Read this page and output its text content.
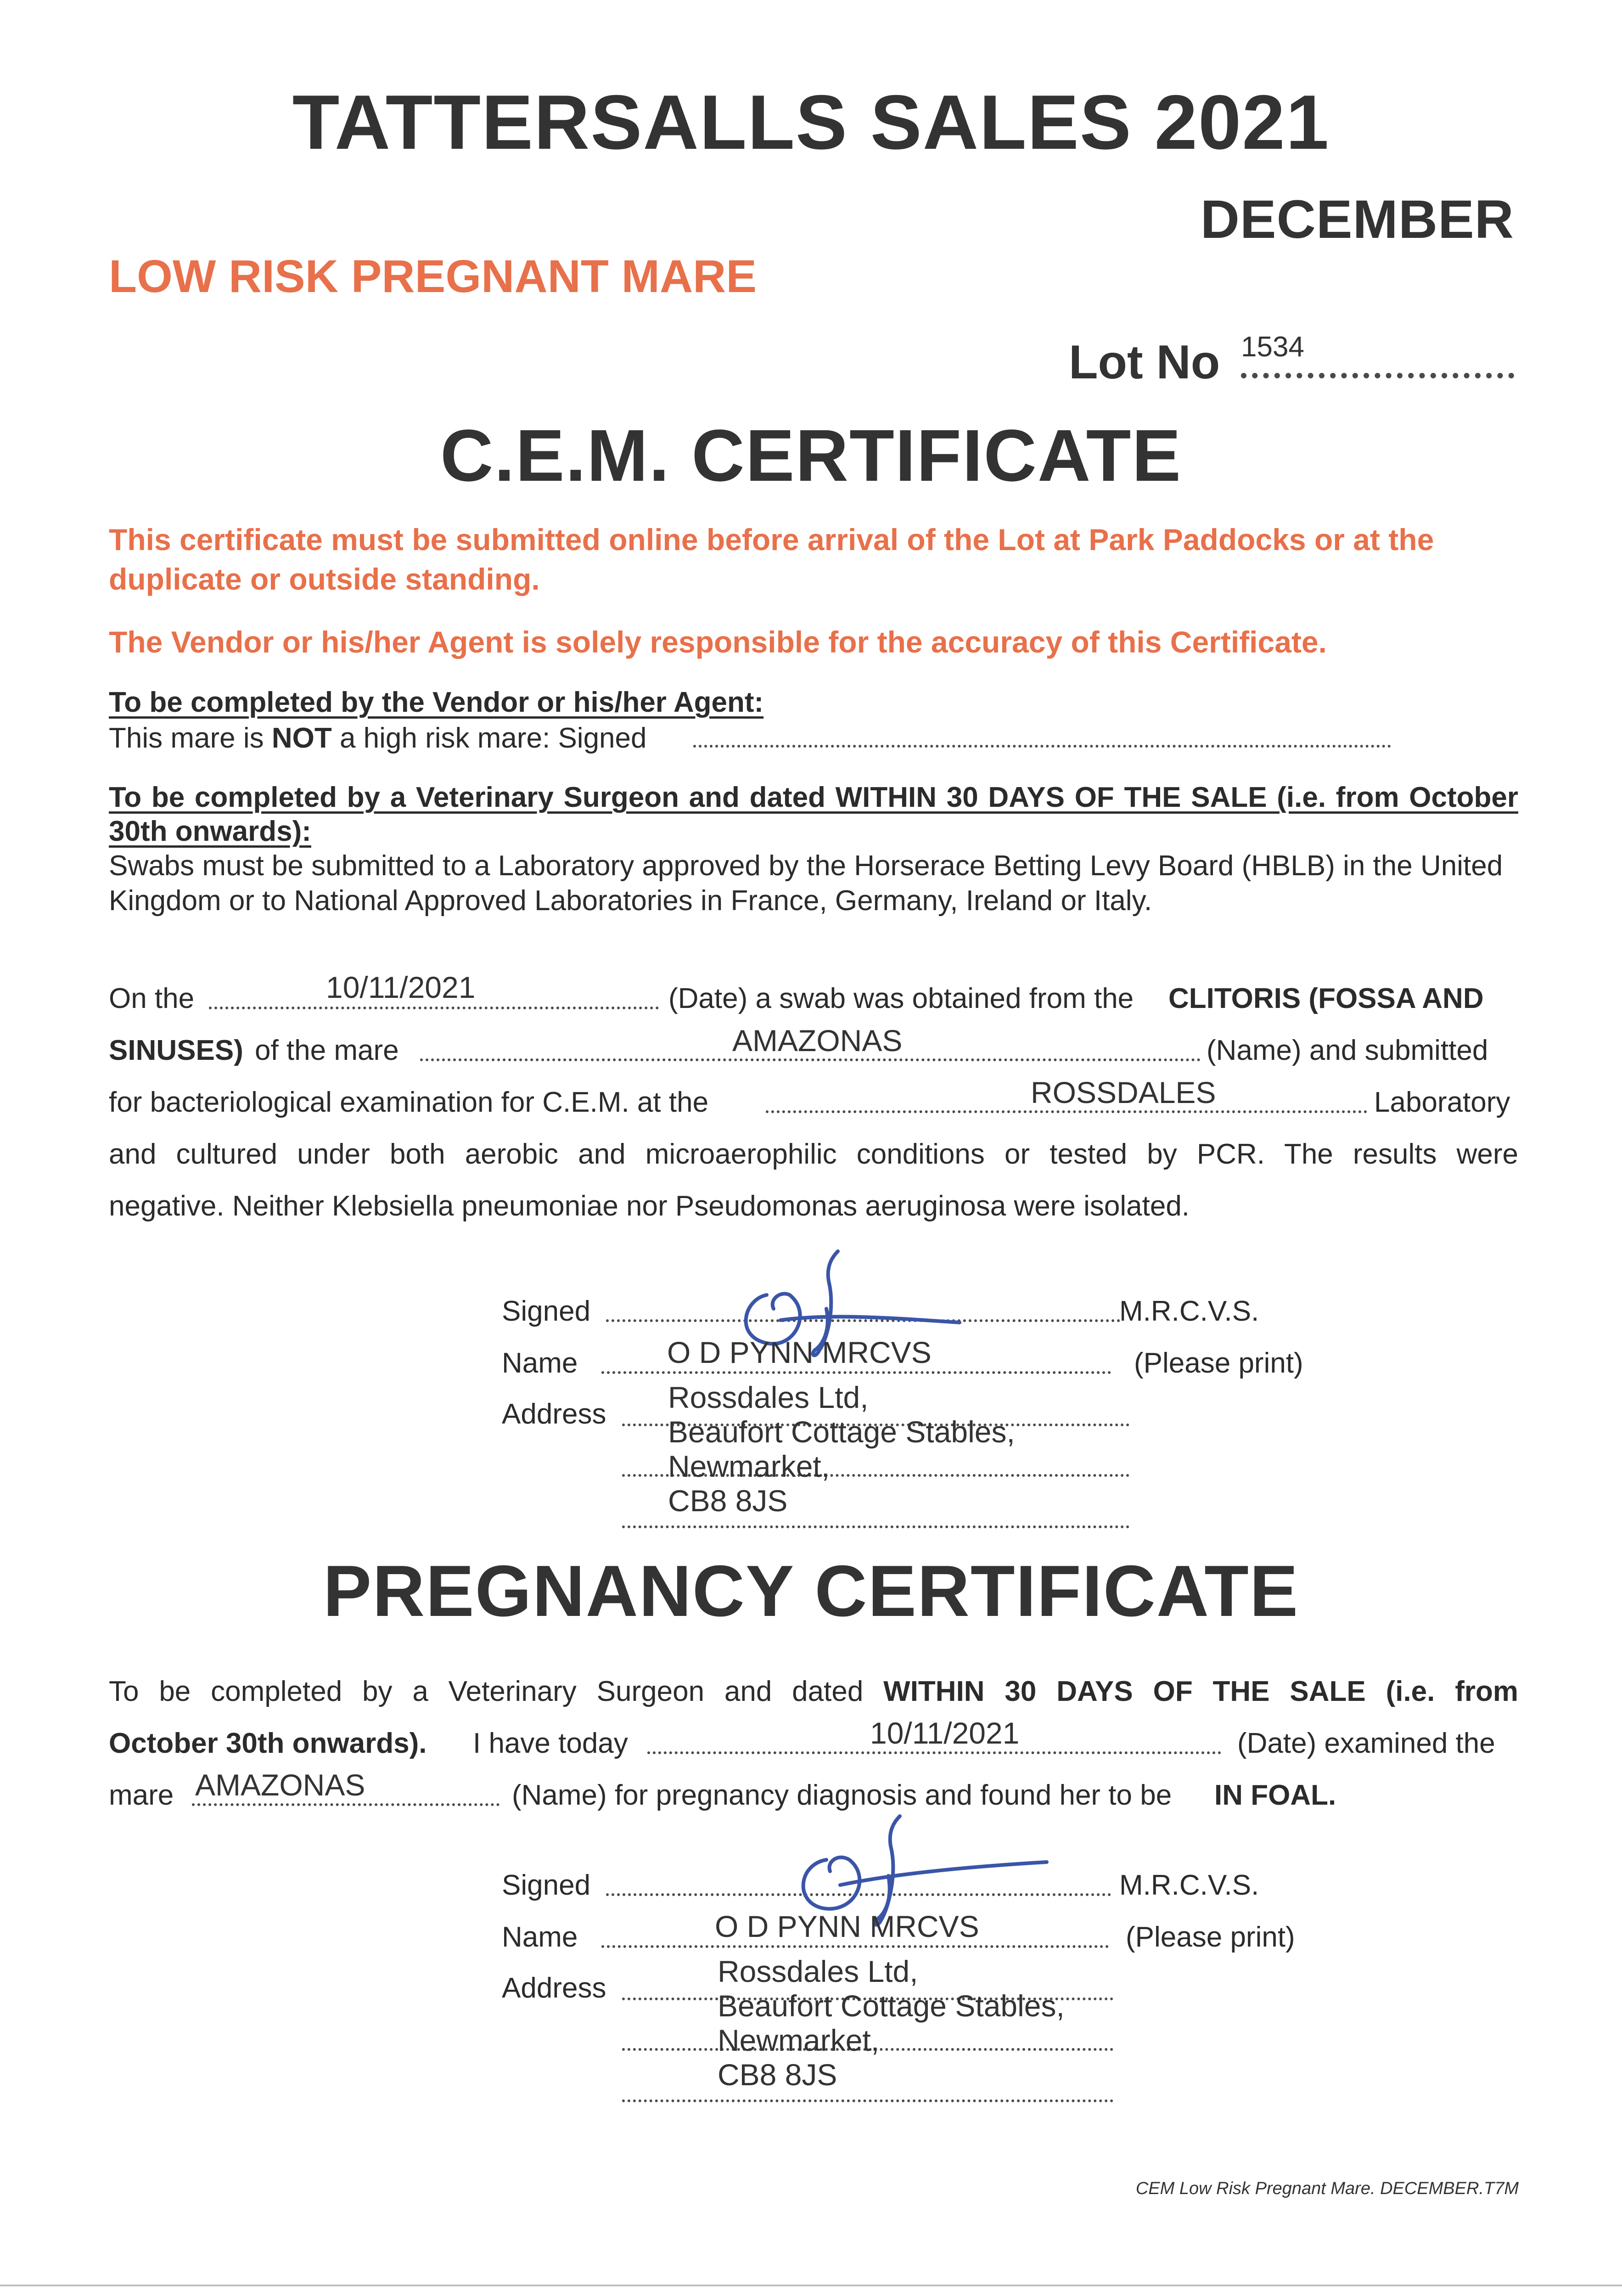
TATTERSALLS SALES 2021
DECEMBER
LOW RISK PREGNANT MARE
Lot No 1534
C.E.M. CERTIFICATE
This certificate must be submitted online before arrival of the Lot at Park Paddocks or at the duplicate or outside standing.
The Vendor or his/her Agent is solely responsible for the accuracy of this Certificate.
To be completed by the Vendor or his/her Agent:
This mare is NOT a high risk mare: Signed
To be completed by a Veterinary Surgeon and dated WITHIN 30 DAYS OF THE SALE (i.e. from October 30th onwards):
Swabs must be submitted to a Laboratory approved by the Horserace Betting Levy Board (HBLB) in the United Kingdom or to National Approved Laboratories in France, Germany, Ireland or Italy.
On the	10/11/2021	(Date) a swab was obtained from the CLITORIS (FOSSA AND
SINUSES) of the mare	AMAZONAS	(Name) and submitted
for bacteriological examination for C.E.M. at the	ROSSDALES	Laboratory
and cultured under both aerobic and microaerophilic conditions or tested by PCR. The results were
negative. Neither Klebsiella pneumoniae nor Pseudomonas aeruginosa were isolated.
Signed	M.R.C.V.S.
Name	O D PYNN MRCVS	(Please print)
Address Rossdales Ltd,
Beaufort Cottage Stables,
Newmarket,
CB8 8JS
PREGNANCY CERTIFICATE
To be completed by a Veterinary Surgeon and dated WITHIN 30 DAYS OF THE SALE (i.e. from
October 30th onwards). I have today	10/11/2021	(Date) examined the
mare AMAZONAS	(Name) for pregnancy diagnosis and found her to be IN FOAL.
Signed	M.R.C.V.S.
Name	O D PYNN MRCVS	(Please print)
Address	Rossdales Ltd,
Beaufort Cottage Stables,
Newmarket,
CB8 8JS
CEM Low Risk Pregnant Mare. DECEMBER.T7M
